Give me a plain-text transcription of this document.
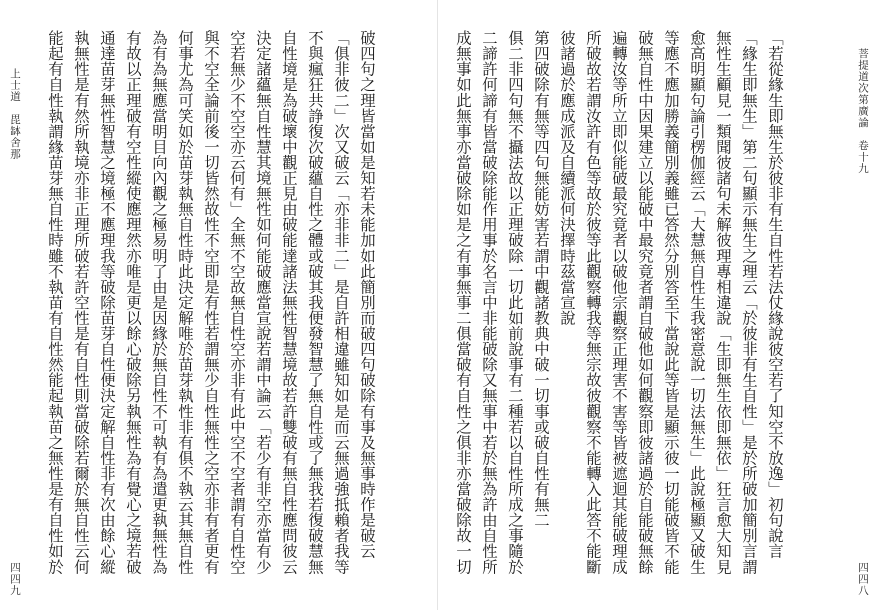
上士道　毘缽舍那	破四句之理皆當如是知若未能加如此簡別而破四句破除有事及無事時作是破云
「俱非彼二」次又破云「亦非非二」是自許相違雖知如是而云無過強抵賴者我等
不與瘋狂共諍復次破蘊自性之體或破其我便發智慧了無自性或了無我若復破慧無
自性境是為破壞中觀正見由破能達諸法無性智慧境故若許雙破有無自性應問彼云
決定諸蘊無自性慧其境無性如何能破應當宣說若謂中論云「若少有非空亦當有少
空若無少不空空亦云何有」全無不空故無自性空亦非有此中空不空者謂有自性空
與不空全論前後一切皆然故性不空即是有性若謂無少自性無性之空亦非有者更有
何事尤為可笑如於苗芽執無自性時此決定解唯於苗芽執性非有俱不執云其無自性
為有為無應當明目向內觀之極易明了由是因緣於無自性不可執有為遣更執無性為
有故以正理破有空性縱使應理然亦唯是更以餘心破除另執無性為有覺心之境若破
通達苗芽無性智慧之境極不應理我等破除苗芽自性便決定解自性非有次由餘心縱
執無性是有然所執境亦非正理所破若許空性是有自性則當破除若爾於無自性云何
能起有自性執謂緣苗芽無自性時雖不執苗有自性然能起執苗之無性是有自性如於
四四九
「若從緣生即無生於彼非有生自性若法仗緣說彼空若了知空不放逸」初句說言
「緣生即無生」第二句顯示無生之理云「於彼非有生自性」是於所破加簡別言謂
無性生顧見一類聞彼諸句未解彼理專相違說「生即無生依即無依」狂言愈大知見
愈高明顯句論引楞伽經云「大慧無自性生我密意說一切法無生」此說極顯又破生
等應不應加勝義簡別義雖已答然分別答至下當說此等皆是顯示彼一切能破皆不能
破無自性中因果建立以能破中最究竟者謂自破他如何觀察即彼諸過於自能破無餘
遍轉汝等所立即似能破最究竟者以破他宗觀察正理害不害等皆被遮迴其能破理成
所破故若謂汝許有色等故於彼等此觀察轉我等無宗故彼觀察不能轉入此答不能斷
彼諸過於應成派及自續派何決擇時茲當宣說
第四破除有無等四句無能妨害若謂中觀諸教典中破一切事或破自性有無二
俱二非四句無不攝法故以正理破除一切此如前說事有二種若以自性所成之事隨於
二諦許何諦有皆當破除能作用事於名言中非能破除又無事中若於無為許由自性所
成無事如此無事亦當破除如是之有事無事二俱當破有自性之俱非亦當破除故一切	菩提道次第廣論　卷十九
四四八
